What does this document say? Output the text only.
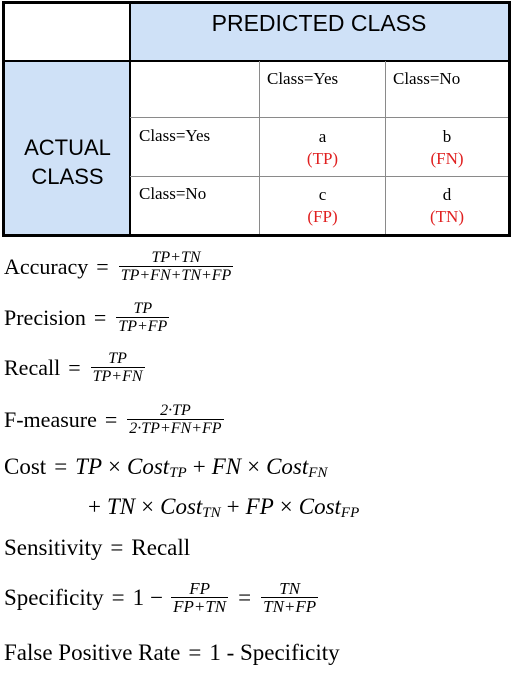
PREDICTED CLASS
ACTUAL
CLASS
Class=Yes	Class=No
Class=Yes
Class=No
a
(TP)
b
(FN)
c
(FP)
d
(TN)
Accuracy = $\frac{TP+TN}{TP+FN+TN+FP}$
Precision = $\frac{TP}{TP+FP}$
Recall = $\frac{TP}{TP+FN}$
F-measure = $\frac{2\cdot TP}{2\cdot TP+FN+FP}$
Cost = TP × Cost TP + FN × Cost FN
+ TN × Cost TN + FP × Cost FP
Sensitivity = Recall
Specificity = $1 - \frac{FP}{FP+TN} = \frac{TN}{TN+FP}$
False Positive Rate = 1 - Specificity
